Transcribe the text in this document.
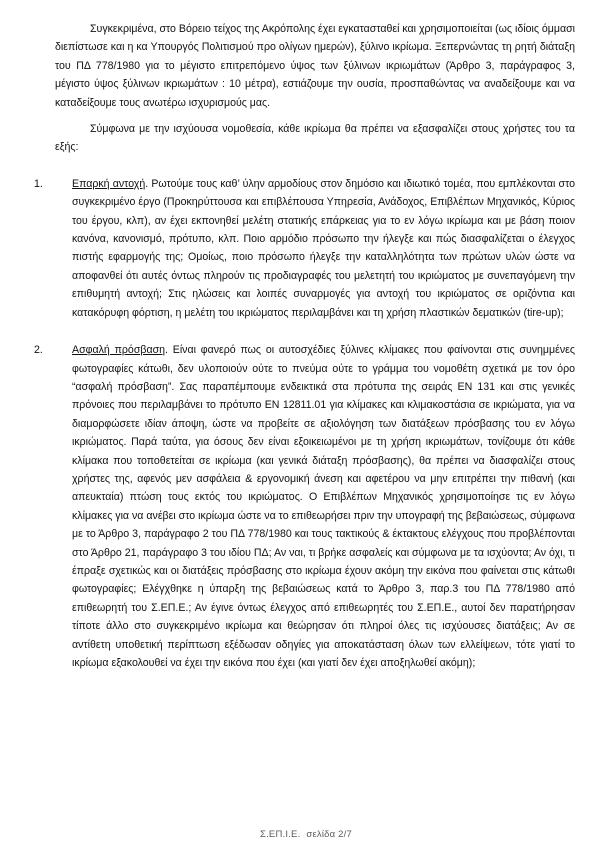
Συγκεκριμένα, στο Βόρειο τείχος της Ακρόπολης έχει εγκατασταθεί και χρησιμοποιείται (ως ιδίοις όμμασι διεπίστωσε και η κα Υπουργός Πολιτισμού προ ολίγων ημερών), ξύλινο ικρίωμα. Ξεπερνώντας τη ρητή διάταξη του ΠΔ 778/1980 για το μέγιστο επιτρεπόμενο ύψος των ξύλινων ικριωμάτων (Άρθρο 3, παράγραφος 3, μέγιστο ύψος ξύλινων ικριωμάτων : 10 μέτρα), εστιάζουμε την ουσία, προσπαθώντας να αναδείξουμε και να καταδείξουμε τους ανωτέρω ισχυρισμούς μας.

Σύμφωνα με την ισχύουσα νομοθεσία, κάθε ικρίωμα θα πρέπει να εξασφαλίζει στους χρήστες του τα εξής:

1.	Επαρκή αντοχή. Ρωτούμε τους καθ’ ύλην αρμοδίους στον δημόσιο και ιδιωτικό τομέα, που εμπλέκονται στο συγκεκριμένο έργο (Προκηρύττουσα και επιβλέπουσα Υπηρεσία, Ανάδοχος, Επιβλέπων Μηχανικός, Κύριος του έργου, κλπ), αν έχει εκπονηθεί μελέτη στατικής επάρκειας για το εν λόγω ικρίωμα και με βάση ποιον κανόνα, κανονισμό, πρότυπο, κλπ. Ποιο αρμόδιο πρόσωπο την ήλεγξε και πώς διασφαλίζεται ο έλεγχος πιστής εφαρμογής της; Ομοίως, ποιο πρόσωπο ήλεγξε την καταλληλότητα των πρώτων υλών ώστε να αποφανθεί ότι αυτές όντως πληρούν τις προδιαγραφές του μελετητή του ικριώματος με συνεπαγόμενη την επιθυμητή αντοχή; Στις ηλώσεις και λοιπές συναρμογές για αντοχή του ικριώματος σε οριζόντια και κατακόρυφη φόρτιση, η μελέτη του ικριώματος περιλαμβάνει και τη χρήση πλαστικών δεματικών (tire-up);
2.	Ασφαλή πρόσβαση. Είναι φανερό πως οι αυτοσχέδιες ξύλινες κλίμακες που φαίνονται στις συνημμένες φωτογραφίες κάτωθι, δεν υλοποιούν ούτε το πνεύμα ούτε το γράμμα του νομοθέτη σχετικά με τον όρο “ασφαλή πρόσβαση”. Σας παραπέμπουμε ενδεικτικά στα πρότυπα της σειράς ΕΝ 131 και στις γενικές πρόνοιες που περιλαμβάνει το πρότυπο ΕΝ 12811.01 για κλίμακες και κλιμακοστάσια σε ικριώματα, για να διαμορφώσετε ιδίαν άποψη, ώστε να προβείτε σε αξιολόγηση των διατάξεων πρόσβασης του εν λόγω ικριώματος. Παρά ταύτα, για όσους δεν είναι εξοικειωμένοι με τη χρήση ικριωμάτων, τονίζουμε ότι κάθε κλίμακα που τοποθετείται σε ικρίωμα (και γενικά διάταξη πρόσβασης), θα πρέπει να διασφαλίζει στους χρήστες της, αφενός μεν ασφάλεια & εργονομική άνεση και αφετέρου να μην επιτρέπει την πιθανή (και απευκταία) πτώση τους εκτός του ικριώματος. Ο Επιβλέπων Μηχανικός χρησιμοποίησε τις εν λόγω κλίμακες για να ανέβει στο ικρίωμα ώστε να το επιθεωρήσει πριν την υπογραφή της βεβαιώσεως, σύμφωνα με το Άρθρο 3, παράγραφο 2 του ΠΔ 778/1980 και τους τακτικούς & έκτακτους ελέγχους που προβλέπονται στο Άρθρο 21, παράγραφο 3 του ιδίου ΠΔ; Αν ναι, τι βρήκε ασφαλείς και σύμφωνα με τα ισχύοντα; Αν όχι, τι έπραξε σχετικώς και οι διατάξεις πρόσβασης στο ικρίωμα έχουν ακόμη την εικόνα που φαίνεται στις κάτωθι φωτογραφίες; Ελέγχθηκε η ύπαρξη της βεβαιώσεως κατά το Άρθρο 3, παρ.3 του ΠΔ 778/1980 από επιθεωρητή του Σ.ΕΠ.Ε.; Αν έγινε όντως έλεγχος από επιθεωρητές του Σ.ΕΠ.Ε., αυτοί δεν παρατήρησαν τίποτε άλλο στο συγκεκριμένο ικρίωμα και θεώρησαν ότι πληροί όλες τις ισχύουσες διατάξεις; Αν σε αντίθετη υποθετική περίπτωση εξέδωσαν οδηγίες για αποκατάσταση όλων των ελλείψεων, τότε γιατί το ικρίωμα εξακολουθεί να έχει την εικόνα που έχει (και γιατί δεν έχει αποξηλωθεί ακόμη);
Σ.ΕΠ.Ι.Ε. σελίδα 2/7
